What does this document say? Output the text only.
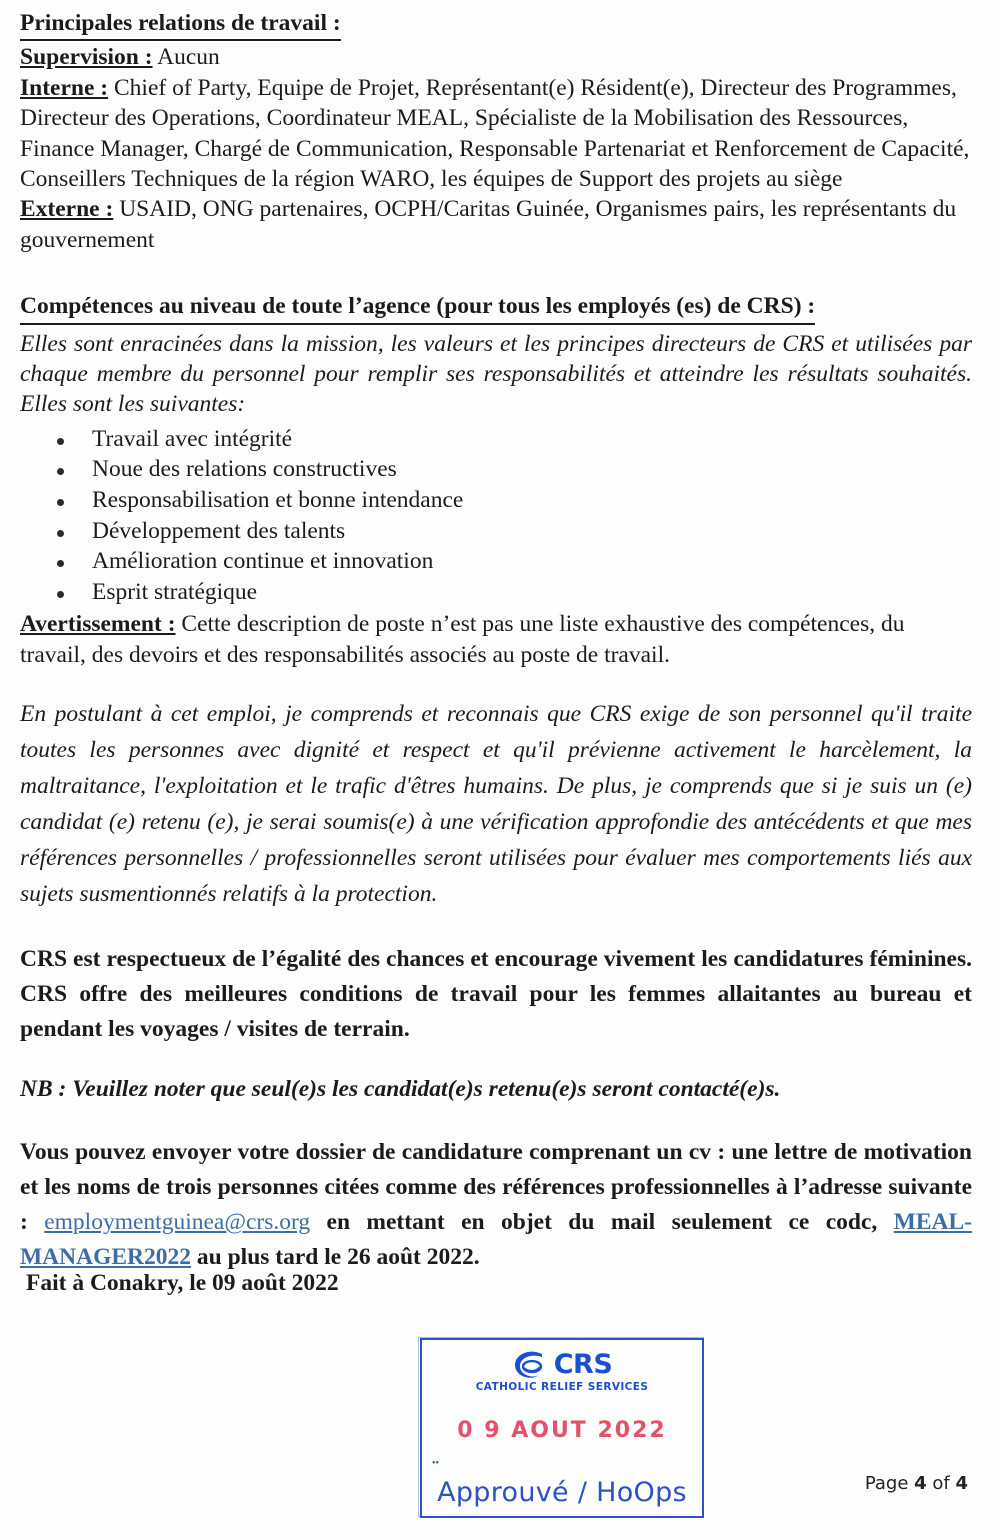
Principales relations de travail :
Supervision : Aucun
Interne : Chief of Party, Equipe de Projet, Représentant(e) Résident(e), Directeur des Programmes, Directeur des Operations, Coordinateur MEAL, Spécialiste de la Mobilisation des Ressources, Finance Manager, Chargé de Communication, Responsable Partenariat et Renforcement de Capacité, Conseillers Techniques de la région WARO, les équipes de Support des projets au siège
Externe : USAID, ONG partenaires, OCPH/Caritas Guinée, Organismes pairs, les représentants du gouvernement
Compétences au niveau de toute l’agence (pour tous les employés (es) de CRS) :
Elles sont enracinées dans la mission, les valeurs et les principes directeurs de CRS et utilisées par chaque membre du personnel pour remplir ses responsabilités et atteindre les résultats souhaités. Elles sont les suivantes:
Travail avec intégrité
Noue des relations constructives
Responsabilisation et bonne intendance
Développement des talents
Amélioration continue et innovation
Esprit stratégique
Avertissement : Cette description de poste n’est pas une liste exhaustive des compétences, du travail, des devoirs et des responsabilités associés au poste de travail.

En postulant à cet emploi, je comprends et reconnais que CRS exige de son personnel qu'il traite toutes les personnes avec dignité et respect et qu'il prévienne activement le harcèlement, la maltraitance, l'exploitation et le trafic d'êtres humains. De plus, je comprends que si je suis un (e) candidat (e) retenu (e), je serai soumis(e) à une vérification approfondie des antécédents et que mes références personnelles / professionnelles seront utilisées pour évaluer mes comportements liés aux sujets susmentionnés relatifs à la protection.

CRS est respectueux de l’égalité des chances et encourage vivement les candidatures féminines. CRS offre des meilleures conditions de travail pour les femmes allaitantes au bureau et pendant les voyages / visites de terrain.

NB : Veuillez noter que seul(e)s les candidat(e)s retenu(e)s seront contacté(e)s.

Vous pouvez envoyer votre dossier de candidature comprenant un cv : une lettre de motivation et les noms de trois personnes citées comme des références professionnelles à l’adresse suivante : employmentguinea@crs.org en mettant en objet du mail seulement ce codc, MEAL-MANAGER2022 au plus tard le 26 août 2022.

Fait à Conakry, le 09 août 2022
CRS
CATHOLIC RELIEF SERVICES
0 9 AOUT 2022
••
Approuvé / HoOps	Page 4 of 4
